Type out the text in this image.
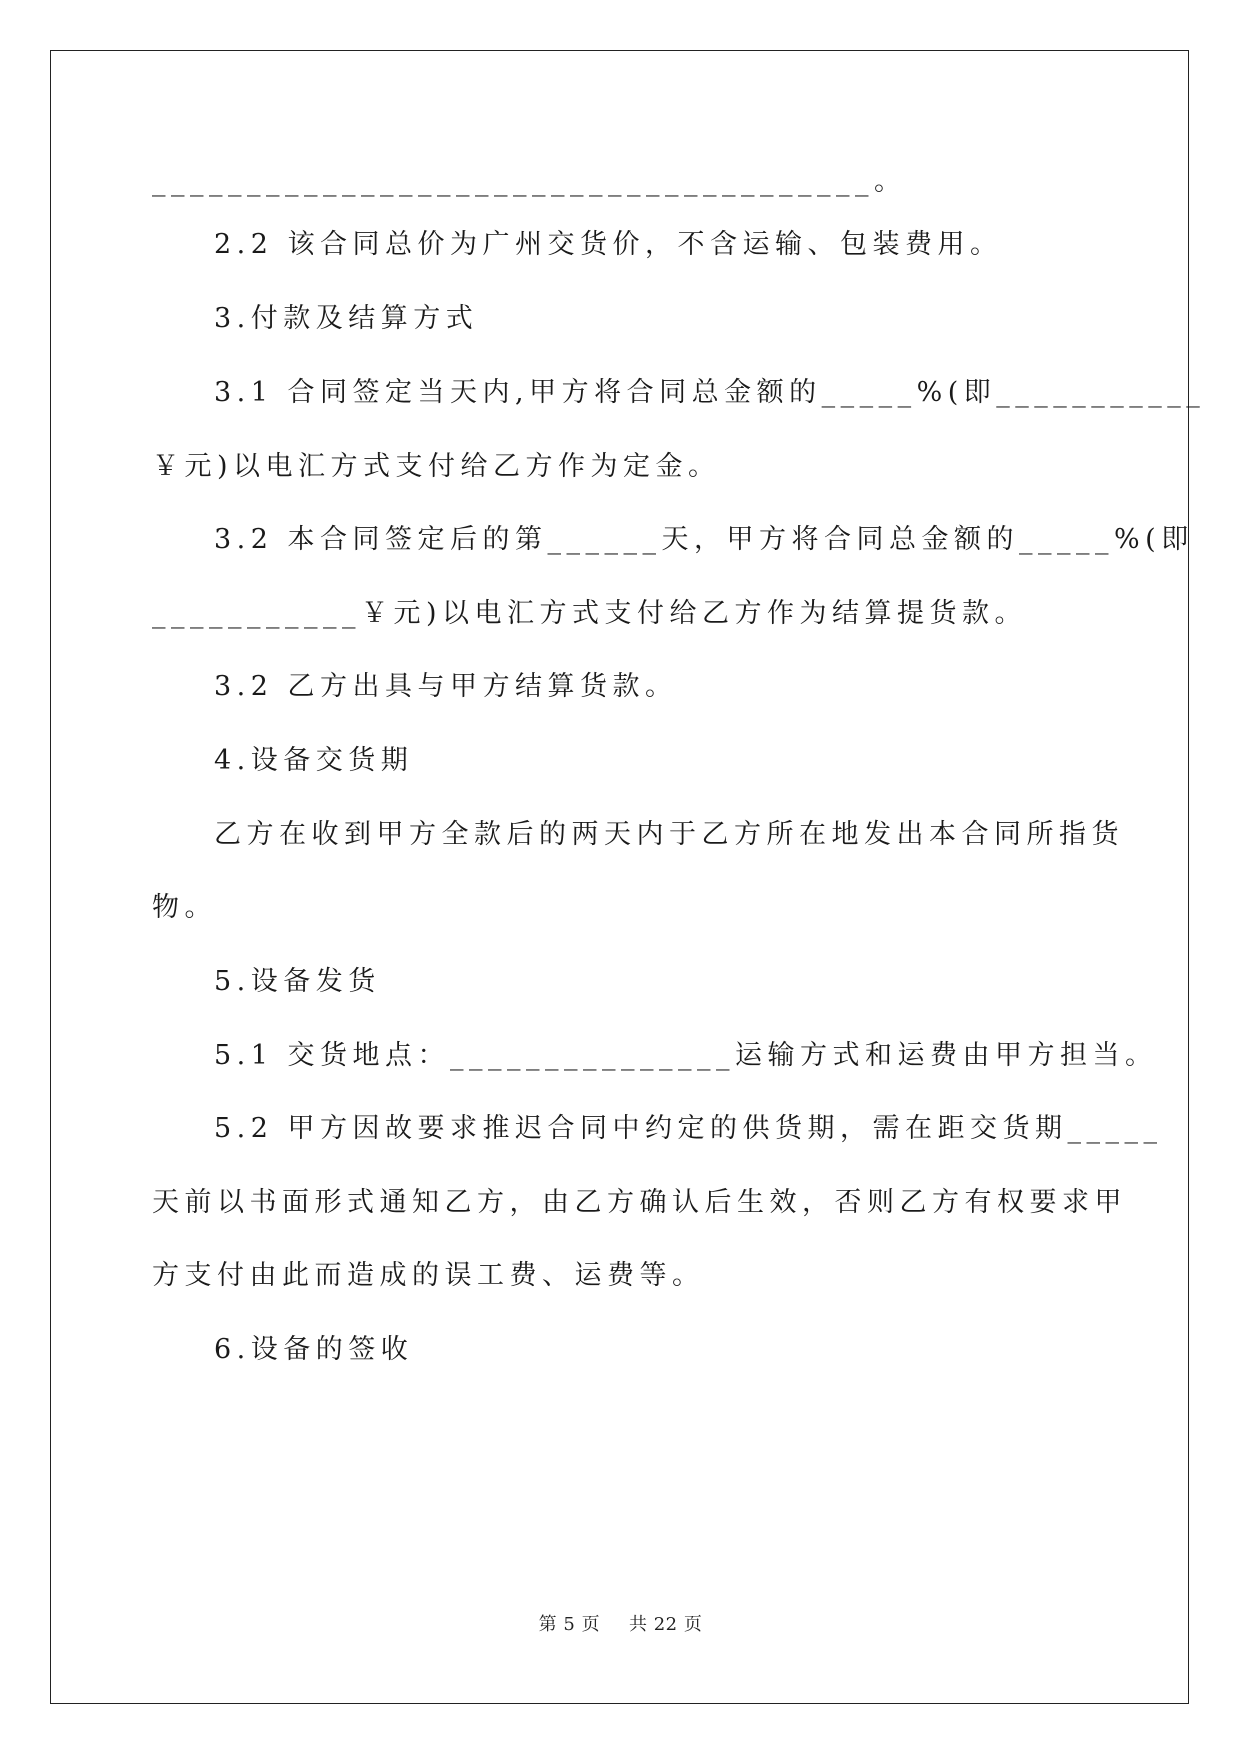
______________________________________。

2.2 该合同总价为广州交货价，不含运输、包装费用。

3.付款及结算方式

3.1 合同签定当天内,甲方将合同总金额的_____%(即___________

￥元)以电汇方式支付给乙方作为定金。

3.2 本合同签定后的第______天，甲方将合同总金额的_____%(即

___________￥元)以电汇方式支付给乙方作为结算提货款。

3.2 乙方出具与甲方结算货款。

4.设备交货期

乙方在收到甲方全款后的两天内于乙方所在地发出本合同所指货

物。

5.设备发货

5.1 交货地点：_______________运输方式和运费由甲方担当。

5.2 甲方因故要求推迟合同中约定的供货期，需在距交货期_____

天前以书面形式通知乙方，由乙方确认后生效，否则乙方有权要求甲

方支付由此而造成的误工费、运费等。

6.设备的签收

第 5 页 共 22 页
